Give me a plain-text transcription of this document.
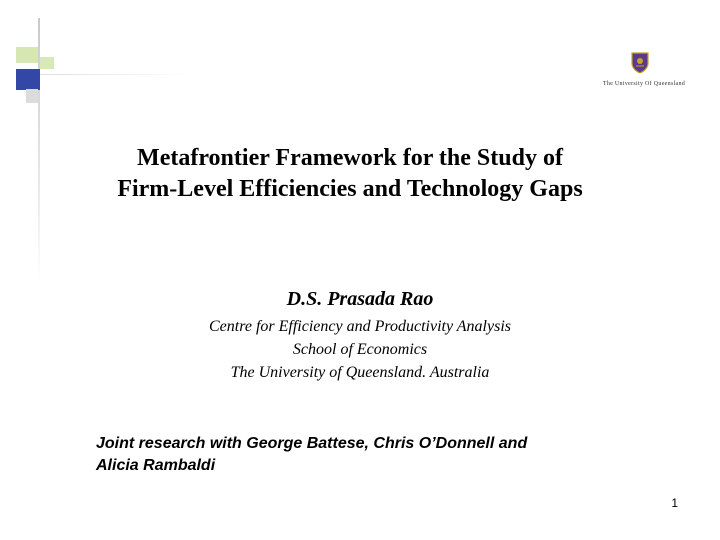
The University Of Queensland
Metafrontier Framework for the Study of
Firm-Level Efficiencies and Technology Gaps
D.S. Prasada Rao
Centre for Efficiency and Productivity Analysis
School of Economics
The University of Queensland. Australia
Joint research with George Battese, Chris O’Donnell and
Alicia Rambaldi
1
